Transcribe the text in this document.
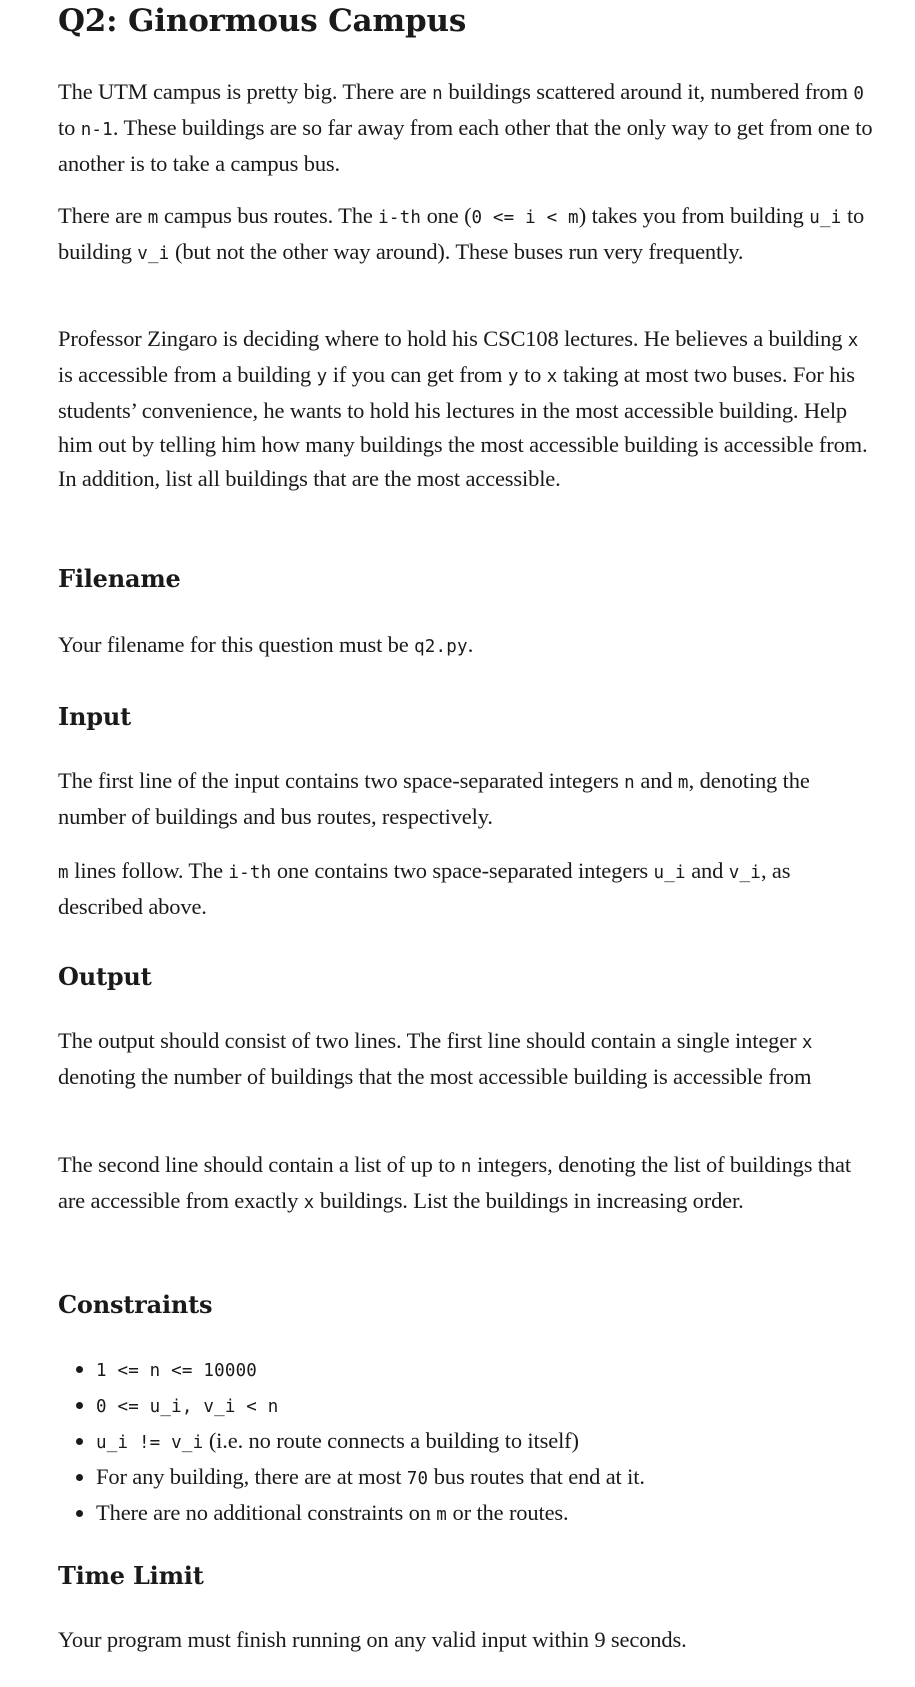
Q2: Ginormous Campus

The UTM campus is pretty big. There are n buildings scattered around it, numbered from 0 to n-1. These buildings are so far away from each other that the only way to get from one to another is to take a campus bus.

There are m campus bus routes. The i-th one (0 <= i < m) takes you from building u_i to building v_i (but not the other way around). These buses run very frequently.

Professor Zingaro is deciding where to hold his CSC108 lectures. He believes a building x is accessible from a building y if you can get from y to x taking at most two buses. For his students’ convenience, he wants to hold his lectures in the most accessible building. Help him out by telling him how many buildings the most accessible building is accessible from. In addition, list all buildings that are the most accessible.

Filename

Your filename for this question must be q2.py.

Input

The first line of the input contains two space-separated integers n and m, denoting the number of buildings and bus routes, respectively.

m lines follow. The i-th one contains two space-separated integers u_i and v_i, as described above.

Output

The output should consist of two lines. The first line should contain a single integer x denoting the number of buildings that the most accessible building is accessible from

The second line should contain a list of up to n integers, denoting the list of buildings that are accessible from exactly x buildings. List the buildings in increasing order.

Constraints
1 <= n <= 10000
0 <= u_i, v_i < n
u_i != v_i (i.e. no route connects a building to itself)
For any building, there are at most 70 bus routes that end at it.
There are no additional constraints on m or the routes.
Time Limit

Your program must finish running on any valid input within 9 seconds.
